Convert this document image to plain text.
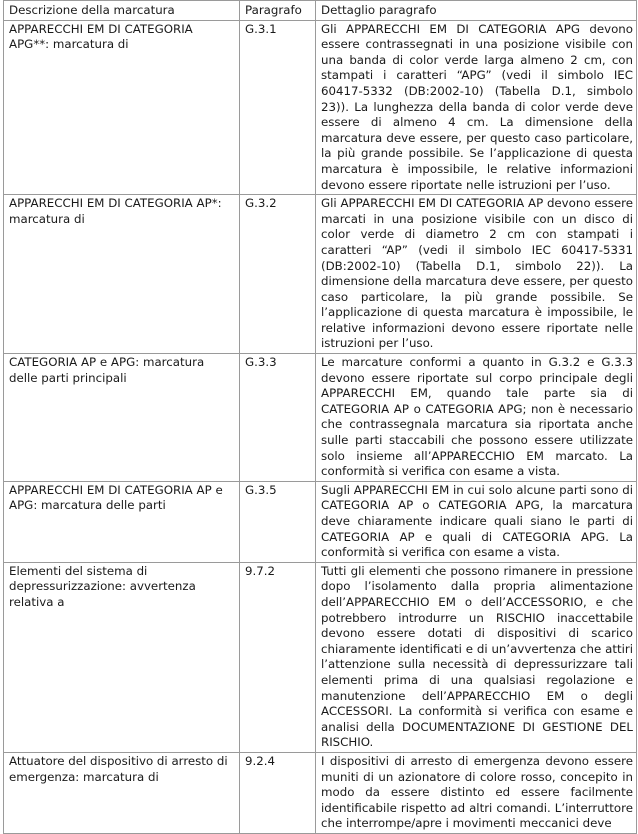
Descrizione della marcatura	Paragrafo	Dettaglio paragrafo
APPARECCHI EM DI CATEGORIA APG**: marcatura di	G.3.1	Gli APPARECCHI EM DI CATEGORIA APG devono essere contrassegnati in una posizione visibile con una banda di color verde larga almeno 2 cm, con stampati i caratteri “APG” (vedi il simbolo IEC 60417-5332 (DB:2002-10) (Tabella D.1, simbolo 23)). La lunghezza della banda di color verde deve essere di almeno 4 cm. La dimensione della marcatura deve essere, per questo caso particolare, la più grande possibile. Se l’applicazione di questa marcatura è impossibile, le relative informazioni devono essere riportate nelle istruzioni per l’uso.
APPARECCHI EM DI CATEGORIA AP*: marcatura di	G.3.2	Gli APPARECCHI EM DI CATEGORIA AP devono essere marcati in una posizione visibile con un disco di color verde di diametro 2 cm con stampati i caratteri “AP” (vedi il simbolo IEC 60417-5331 (DB:2002-10) (Tabella D.1, simbolo 22)). La dimensione della marcatura deve essere, per questo caso particolare, la più grande possibile. Se l’applicazione di questa marcatura è impossibile, le relative informazioni devono essere riportate nelle istruzioni per l’uso.
CATEGORIA AP e APG: marcatura delle parti principali	G.3.3	Le marcature conformi a quanto in G.3.2 e G.3.3 devono essere riportate sul corpo principale degli APPARECCHI EM, quando tale parte sia di CATEGORIA AP o CATEGORIA APG; non è necessario che contrassegnala marcatura sia riportata anche sulle parti staccabili che possono essere utilizzate solo insieme all’APPARECCHIO EM marcato. La conformità si verifica con esame a vista.
APPARECCHI EM DI CATEGORIA AP e APG: marcatura delle parti	G.3.5	Sugli APPARECCHI EM in cui solo alcune parti sono di CATEGORIA AP o CATEGORIA APG, la marcatura deve chiaramente indicare quali siano le parti di CATEGORIA AP e quali di CATEGORIA APG. La conformità si verifica con esame a vista.
Elementi del sistema di depressurizzazione: avvertenza relativa a	9.7.2	Tutti gli elementi che possono rimanere in pressione dopo l’isolamento dalla propria alimentazione dell’APPARECCHIO EM o dell’ACCESSORIO, e che potrebbero introdurre un RISCHIO inaccettabile devono essere dotati di dispositivi di scarico chiaramente identificati e di un’avvertenza che attiri l’attenzione sulla necessità di depressurizzare tali elementi prima di una qualsiasi regolazione e manutenzione dell’APPARECCHIO EM o degli ACCESSORI. La conformità si verifica con esame e analisi della DOCUMENTAZIONE DI GESTIONE DEL RISCHIO.
Attuatore del dispositivo di arresto di emergenza: marcatura di	9.2.4	I dispositivi di arresto di emergenza devono essere muniti di un azionatore di colore rosso, concepito in modo da essere distinto ed essere facilmente identificabile rispetto ad altri comandi. L’interruttore che interrompe/apre i movimenti meccanici deve
